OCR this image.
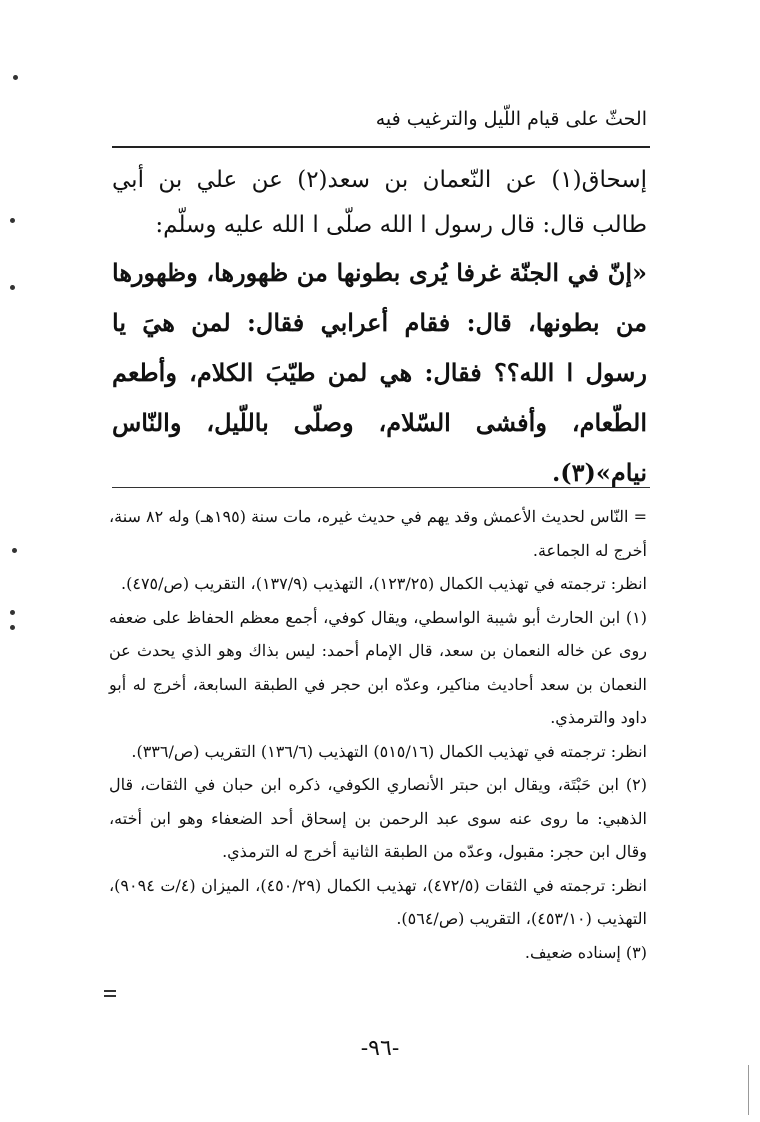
الحثّ على قيام اللّيل والترغيب فيه

إسحاق(١) عن النّعمان بن سعد(٢) عن علي بن أبي طالب قال: قال رسول ا الله صلّى ا الله عليه وسلّم:

«إنّ في الجنّة غرفا يُرى بطونها من ظهورها، وظهورها من بطونها، قال: فقام أعرابي فقال: لمن هيَ يا رسول ا الله؟؟ فقال: هي لمن طيّبَ الكلام، وأطعم الطّعام، وأفشى السّلام، وصلّى باللّيل، والنّاس نيام»(٣).

= النّاس لحديث الأعمش وقد يهم في حديث غيره، مات سنة (١٩٥هـ) وله ٨٢ سنة، أخرج له الجماعة.

انظر: ترجمته في تهذيب الكمال (١٢٣/٢٥)، التهذيب (١٣٧/٩)، التقريب (ص/٤٧٥).

(١) ابن الحارث أبو شيبة الواسطي، ويقال كوفي، أجمع معظم الحفاظ على ضعفه روى عن خاله النعمان بن سعد، قال الإمام أحمد: ليس بذاك وهو الذي يحدث عن النعمان بن سعد أحاديث مناكير، وعدّه ابن حجر في الطبقة السابعة، أخرج له أبو داود والترمذي.

انظر: ترجمته في تهذيب الكمال (٥١٥/١٦) التهذيب (١٣٦/٦) التقريب (ص/٣٣٦).

(٢) ابن حَبْتَة، ويقال ابن حبتر الأنصاري الكوفي، ذكره ابن حبان في الثقات، قال الذهبي: ما روى عنه سوى عبد الرحمن بن إسحاق أحد الضعفاء وهو ابن أخته، وقال ابن حجر: مقبول، وعدّه من الطبقة الثانية أخرج له الترمذي.

انظر: ترجمته في الثقات (٤٧٢/٥)، تهذيب الكمال (٤٥٠/٢٩)، الميزان (٤/ت ٩٠٩٤)، التهذيب (٤٥٣/١٠)، التقريب (ص/٥٦٤).

(٣) إسناده ضعيف.

-٩٦-
